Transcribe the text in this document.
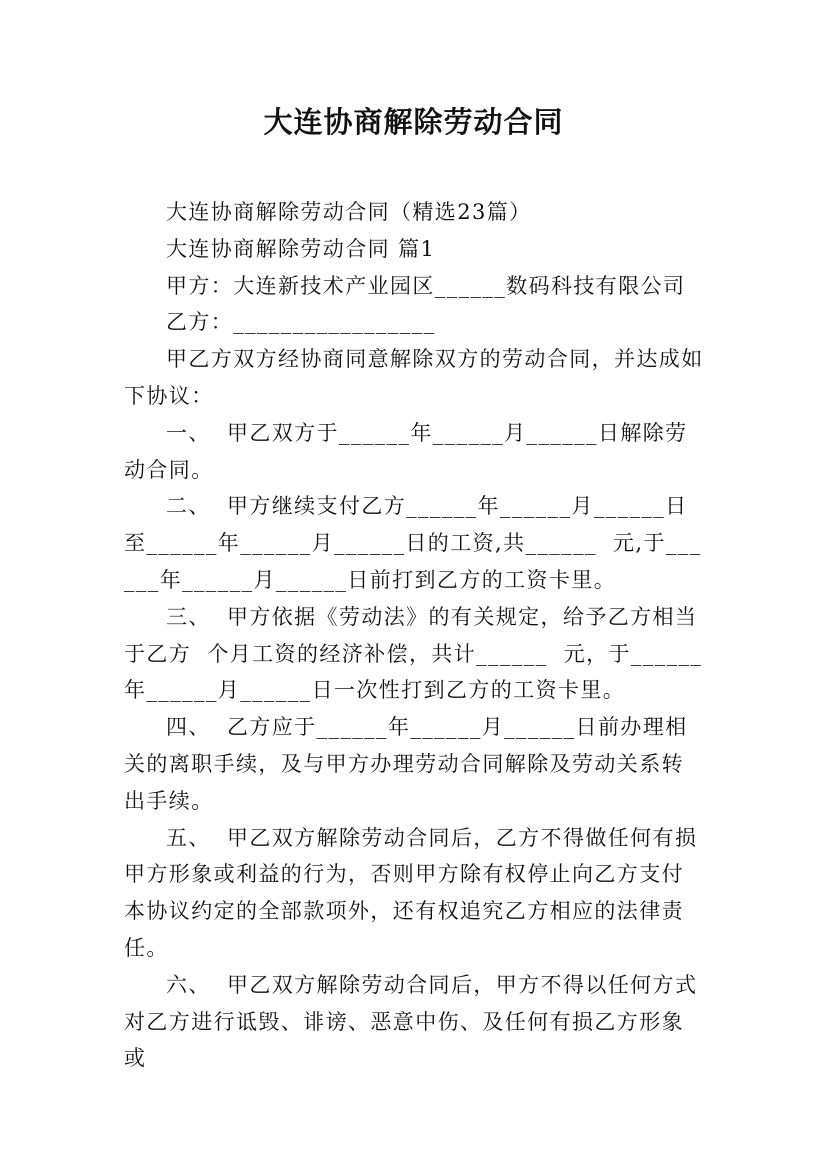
大连协商解除劳动合同

大连协商解除劳动合同（精选23篇）

大连协商解除劳动合同 篇1

甲方：大连新技术产业园区______数码科技有限公司

乙方：_________________

甲乙方双方经协商同意解除双方的劳动合同，并达成如下协议：

一、  甲乙双方于______年______月______日解除劳动合同。

二、  甲方继续支付乙方______年______月______日至______年______月______日的工资,共______  元,于______年______月______日前打到乙方的工资卡里。

三、  甲方依据《劳动法》的有关规定，给予乙方相当于乙方  个月工资的经济补偿，共计______  元，于______年______月______日一次性打到乙方的工资卡里。

四、  乙方应于______年______月______日前办理相关的离职手续，及与甲方办理劳动合同解除及劳动关系转出手续。

五、  甲乙双方解除劳动合同后，乙方不得做任何有损甲方形象或利益的行为，否则甲方除有权停止向乙方支付本协议约定的全部款项外，还有权追究乙方相应的法律责任。

六、  甲乙双方解除劳动合同后，甲方不得以任何方式对乙方进行诋毁、诽谤、恶意中伤、及任何有损乙方形象或
